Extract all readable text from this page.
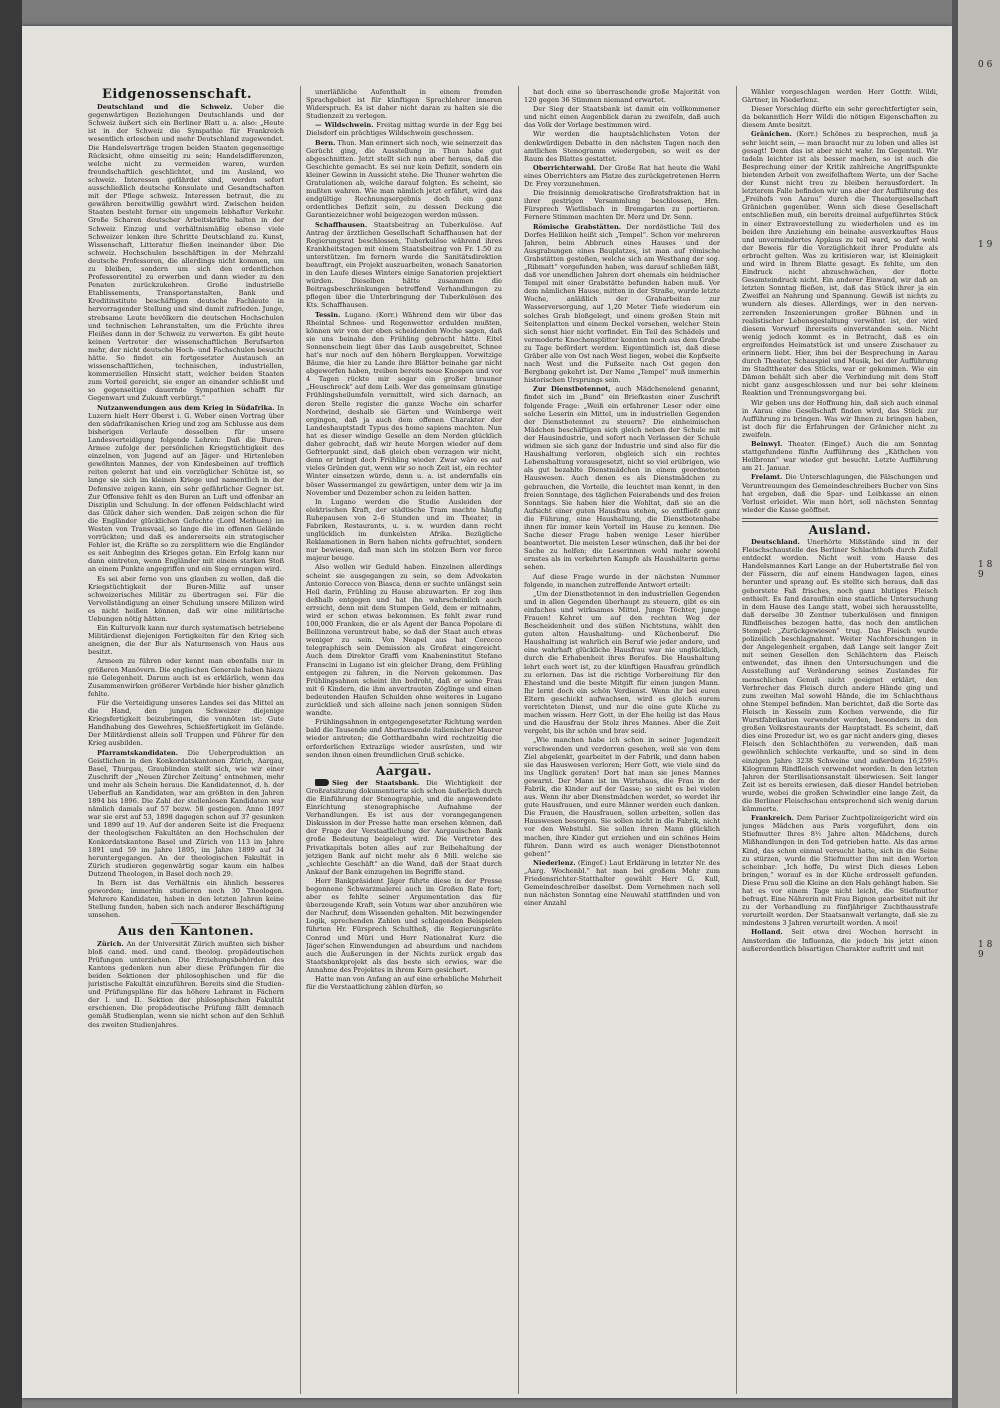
0 6
1 9
1 8 9
1 8 9
Eidgenossenschaft.

Deutschland und die Schweiz. Ueber die gegenwärtigen Beziehungen Deutschlands und der Schweiz äußert sich ein Berliner Blatt u. a. also: „Heute ist in der Schweiz die Sympathie für Frankreich wesentlich erloschen und mehr Deutschland zugewendet. Die Handelsverträge tragen beiden Staaten gegenseitige Rücksicht, ohne einseitig zu sein; Handelsdifferenzen, welche nicht zu vermeiden waren, wurden freundschaftlich geschlichtet, und im Ausland, wo schweiz. Interessen gefährdet sind, werden sofort ausschließlich deutsche Konsulate und Gesandtschaften mit der Pflege schweiz. Interessen betraut, die zu gewähren bereitwillig gewährt wird. Zwischen beiden Staaten besteht ferner ein ungemein lebhafter Verkehr. Große Scharen deutscher Arbeitskräfte halten in der Schweiz Einzug und verhältnismäßig ebenso viele Schweizer lenken ihre Schritte Deutschland zu. Kunst, Wissenschaft, Litteratur fließen ineinander über. Die schweiz. Hochschulen beschäftigen in der Mehrzahl deutsche Professoren, die allerdings nicht kommen, um zu bleiben, sondern um sich den ordentlichen Professorentitel zu erwerben und dann wieder zu den Penaten zurückzukehren. Große industrielle Etablissements, Transportanstalten, Bank und Kreditinstitute beschäftigen deutsche Fachleute in hervorragender Stellung und sind damit zufrieden. Junge, strebsame Leute bevölkern die deutschen Hochschulen und technischen Lehranstalten, um die Früchte ihres Fleißes dann in der Schweiz zu verwerten. Es gibt heute keinen Vertreter der wissenschaftlichen Berufsarten mehr, der nicht deutsche Hoch- und Fachschulen besucht hätte. So findet ein fortgesetzter Austausch an wissenschaftlichen, technischen, industriellen, kommerziellen Hinsicht statt, welcher beiden Staaten zum Vorteil gereicht, sie enger an einander schließt und so gegenseitige dauernde Sympathien schafft für Gegenwart und Zukunft verbürgt.“

Nutzanwendungen aus dem Krieg in Südafrika. In Luzern hielt Herr Oberst i. G. Weber einen Vortrag über den südafrikanischen Krieg und zog am Schlusse aus dem bisherigen Verlaufe desselben für unsere Landesverteidigung folgende Lehren: Daß die Buren-Armee zufolge der persönlichen Kriegstüchtigkeit des einzelnen, von Jugend auf an Jäger- und Hirtenleben gewöhnten Mannes, der von Kindesbeinen auf trefflich reiten gelernt hat und ein vorzüglicher Schütze ist, so lange sie sich im kleinen Kriege und namentlich in der Defensive zeigen kann, ein sehr gefährlicher Gegner ist. Zur Offensive fehlt es den Buren an Luft und offenbar an Disziplin und Schulung. In der offenen Feldschlacht wird das Glück daher sich wenden. Daß zeigen schon die für die Engländer glücklichen Gefechte (Lord Methuen) im Westen von Transvaal, so lange die im offenen Gelände vorrückten; und daß es andererseits ein strategischer Fehler ist, die Kräfte so zu zersplittern wie die Engländer es seit Anbeginn des Krieges getan. Ein Erfolg kann nur dann eintreten, wenn Engländer mit einem starken Stoß an einem Punkte angegriffen und ein Sieg errungen wird.

Es sei aber ferne von uns glauben zu wollen, daß die Kriegstüchtigkeit der Buren-Miliz auf unser schweizerisches Militär zu übertragen sei. Für die Vervollständigung an einer Schulung unsere Milizen wird es nicht heißen können, daß wir eine militärische Uebungen nötig hätten.

Ein Kulturvolk kann nur durch systematisch betriebene Militärdienst diejenigen Fertigkeiten für den Krieg sich aneignen, die der Bur als Naturmensch von Haus aus besitzt.

Armeen zu führen oder kennt man ebenfalls nur in größeren Manövern. Die englischen Generale haben hiezu nie Gelegenheit. Darum auch ist es erklärlich, wenn das Zusammenwirken größerer Verbände hier bisher gänzlich fehlte.

Für die Verteidigung unseres Landes sei das Mittel an die Hand, den jungen Schweizer diejenige Kriegsfertigkeit beizubringen, die vonnöten ist: Gute Handhabung des Gewehres, Schießfertigkeit im Gelände. Der Militärdienst allein soll Truppen und Führer für den Krieg ausbilden.

Pfarramtskandidaten. Die Ueberproduktion an Geistlichen in den Konkordatskantonen Zürich, Aargau, Basel, Thurgau, Graubünden stellt sich, wie wir einer Zuschrift der „Neuen Zürcher Zeitung“ entnehmen, mehr und mehr als Schein heraus. Die Kandidatennot, d. h. der Ueberfluß an Kandidaten, war am größten in den Jahren 1894 bis 1896. Die Zahl der stellenlosen Kandidaten war nämlich damals auf 57 bezw. 58 gestiegen. Anno 1897 war sie erst auf 53, 1898 dagegen schon auf 37 gesunken und 1899 auf 19. Auf der anderen Seite ist die Frequenz der theologischen Fakultäten an den Hochschulen der Konkordatskantone Basel und Zürich von 113 im Jahre 1891 und 59 im Jahre 1895, im Jahre 1899 auf 34 heruntergegangen. An der theologischen Fakultät in Zürich studieren gegenwärtig sogar kaum ein halbes Dutzend Theologen, in Basel doch noch 29.

In Bern ist das Verhältnis ein ähnlich besseres geworden; immerhin studieren noch 30 Theologen. Mehrere Kandidaten, haben in den letzten Jahren keine Stellung fanden, haben sich nach anderer Beschäftigung umsehen.

Aus den Kantonen.

Zürich. An der Universität Zürich mußten sich bisher bloß cand. med. und cand. theolog. propädeutischen Prüfungen unterziehen. Die Erziehungsbehörden des Kantons gedenken nun aber diese Prüfungen für die beiden Sektionen der philosophischen und für die juristische Fakultät einzuführen. Bereits sind die Studien- und Prüfungspläne für das höhere Lehramt in Fächern der I. und II. Sektion der philosophischen Fakultät erschienen. Die propädeutische Prüfung fällt demnach gemäß Studienplan, wenn sie nicht schon auf den Schluß des zweiten Studienjahres.

unerläßliche Aufenthalt in einem fremden Sprachgebiet ist für künftigen Sprachlehrer inneren Widerspruch. Es ist daher nicht daran zu halten sie die Studienzeit zu verlegen.

— Wildschwein. Freitag mittag wurde in der Egg bei Dielsdorf ein prächtiges Wildschwein geschossen.

Bern. Thun. Man erinnert sich noch, wie seinerzeit das Gerücht ging, die Ausstellung in Thun habe gut abgeschnitten. Jetzt stellt sich nun aber heraus, daß die Geschichte gemacht. Es sei nur kein Defizit, sondern ein kleiner Gewinn in Aussicht stehe. Die Thuner wehrten die Gratulationen ab, welche darauf folgten. Es scheint, sie mußten wahren. Wie man nämlich jetzt erfährt, wird das endgültige Rechnungsergebnis doch ein ganz ordentliches Defizit sein, zu dessen Deckung die Garantiezeichner wohl beigezogen werden müssen.

Schaffhausen. Staatsbeitrag an Tuberkulöse. Auf Antrag der ärztlichen Gesellschaft Schaffhausen hat der Regierungsrat beschlossen, Tuberkulöse während ihres Krankheitstagen mit einem Staatsbeitrag von Fr. 1.50 zu unterstützen. Im fernern wurde die Sanitätsdirektion beauftragt, ein Projekt auszuarbeiten, wonach Sanatorien in den Laufe dieses Winters einige Sanatorien projektiert würden. Dieselben hätte zusammen die Beitragsbeschränkungen betreffend Verhandlungen zu pflegen über die Unterbringung der Tuberkulösen des Kts. Schaffhausen.

Tessin. Lugano. (Korr.) Während dem wir über das Rheintal Schnee- und Regenwetter erdulden mußten, können wir von der eben scheidenden Woche sagen, daß sie uns beinahe den Frühling gebracht hätte. Eitel Sonnenschein liegt über das Laub ausgebreitet, Schnee hat's nur noch auf den höhern Bergkuppen. Vorwitzige Bäume, die hier zu Lande ihre Blätter beinahe gar nicht abgeworfen haben, treiben bereits neue Knospen und vor 4 Tagen rückte mir sogar ein großer brauner „Heuschreck“ auf dem Leib. Wer das gemeinsam günstige Frühlingsheilumfeln vermittelt, wird sich darnach, an deren Stelle register die ganze Woche ein scharfer Nordwind, deshalb sie Gärten und Weinberge weit ergingen, daß ja auch dem offenen Charakter der Landeshauptstadt Typus des homo sapiens machten. Nun hat es dieser windige Geselle an dem Norden glücklich daher gebracht, daß wir heute Morgen wieder auf dem Gefrierpunkt sind, daß gleich oben verzagen wir nicht, denn er bringt doch Frühling wieder. Zwar wäre es auf vieles Gründen gut, wenn wir so noch Zeit ist, ein rechter Winter einsetzen würde, denn u. a. ist andernfalls ein böser Wassermangel zu gewärtigen, unter dem wir ja im November und Dezember schon zu leiden hatten.

In Lugano werden die Studie Ausleiden der elektrischen Kraft, der städtische Tram machte häufig Ruhepausen von 2–6 Stunden und im Theater, in Fabriken, Restaurants, u. s. w. wurden dann recht unglücklich im dunkelsten Afrika. Bezügliche Reklamationen in Bern haben nichts gefruchtet, sondern nur bewiesen, daß man sich im stolzen Bern vor force majeur beuge.

Also wollen wir Geduld haben. Einzelnen allerdings scheint sie ausgegangen zu sein, so dem Advokaten Antonio Corecco von Biasca, denn er suchte unlängst sein Heil darin, Frühling zu Hause abzuwarten. Er zog ihm deßhalb entgegen und hat ihn wahrscheinlich auch erreicht, denn mit dem Stumpen Geld, dem er mitnahm, wird er schon etwas bekommen. Es fehlt zwar rund 100,000 Franken, die er als Agent der Banca Popolare di Bellinzona veruntreut habe, so daß der Staat auch etwas weniger zu sein. Von Neapel aus hat Corecco telegraphisch sein Demission als Großrat eingereicht. Auch dem Direktor Graffi vom Knabeninstitut Stefano Franscini in Lugano ist ein gleicher Drang, dem Frühling entgegen zu fahren, in die Nerven gekommen. Das Frühlingsahnen scheint ihn bedroht, daß er seine Frau mit 6 Kindern, die ihm anvertrauten Zöglinge und einen bedeutenden Haufen Schulden ohne weiteres in Lugano zurückließ und sich alleine nach jenen sonnigen Süden wandte.

Frühlingsahnen in entgegengesetzter Richtung werden bald die Tausende und Abertausende italienischer Maurer wieder antreten; die Gotthardbahn wird rechtzeitig die erforderlichen Extrazüge wieder ausrüsten, und wir senden ihnen einen freundlichen Gruß schicke.

Aargau.

Sieg der Staatsbank. Die Wichtigkeit der Großratsitzung dokumentierte sich schon äußerlich durch die Einführung der Stenographie, und die angewendete Einrichtung stenographische Aufnahme der Verhandlungen. Es ist aus der vorangegangenen Diskussion in der Presse hatte man ersehen können, daß der Frage der Verstaatlichung der Aargauischen Bank große Bedeutung beigelegt wird. Die Vertreter des Privatkapitals boten alles auf zur Beibehaltung der jetzigen Bank auf nicht mehr als 6 Mill. welche sie „schlechte Geschäft“ an die Wand, daß der Staat durch Ankauf der Bank einzugehen im Begriffe stand.

Herr Bankpräsident Jäger führte diese in der Presse begonnene Schwarzmalerei auch im Großen Rate fort; aber es fehlte seiner Argumentation das für überzeugende Kraft, sein Votum war aber anzuhören wie der Nachruf, dem Wissenden gehalten. Mit bezwingender Logik, sprechenden Zahlen und schlagenden Beispielen führten Hr. Fürsprech Schultheß, die Regierungsräte Conrad und Müri und Herr Nationalrat Kurz die Jäger'schen Einwendungen ad absurdum und nachdem auch die Äußerungen in der Nichts zurück ergab das Staatsbankprojekt als das beste sich erwies, war die Annahme des Projektes in ihrem Kern gesichert.

Hatte man von Anfang an auf eine erhebliche Mehrheit für die Verstaatlichung zählen dürfen, so

hat doch eine so überraschende große Majorität von 120 gegen 36 Stimmen niemand erwartet.

Der Sieg der Staatsbank ist damit ein vollkommener und nicht einen Augenblick daran zu zweifeln, daß auch das Volk der Vorlage bestimmen wird.

Wir werden die hauptsächlichsten Voten der denkwürdigen Debatte in den nächsten Tagen nach den amtlichen Stenogramm wiedergeben, so weit es der Raum des Blattes gestattet.

Oberrichterwahl. Der Große Rat hat heute die Wahl eines Oberrichters am Platze des zurückgetretenen Herrn Dr. Frey vorzunehmen.

Die freisinnig demokratische Großratsfraktion hat in ihrer gestrigen Versammlung beschlossen, Hrn. Fürsprech Wietlisbach in Bremgarten zu portieren. Fernere Stimmen machten Dr. Merz und Dr. Senn.

Römische Grabstätten. Der nordöstliche Teil des Dorfes Hellikon heißt sich „Tempel“. Schon vor mehreren Jahren, beim Abbruch eines Hauses und der Ausgrabungen eines Bauplatzes, ist man auf römische Grabstätten gestoßen, welche sich am Westhang der sog. „Ribmatt“ vorgefunden haben, was darauf schließen läßt, daß vor unendlichen Jahren dort ehemals ein heidnischer Tempel mit einer Grabstätte befunden haben muß. Vor dem nämlichen Hause, mitten in der Straße, wurde letzte Woche, anläßlich der Grabarbeiten zur Wasserversorgung, auf 1,20 Meter Tiefe wiederum ein solches Grab bloßgelegt, und einem großen Stein mit Seitenplatten und einem Deckel versehen, welcher Stein sich sonst hier nicht vorfindet. Ein Teil des Schädels und vermoderte Knochensplitter konnten noch aus dem Grabe zu Tage befördert werden. Eigentümlich ist, daß diese Gräber alle von Ost nach West liegen, wobei die Kopfseite nach West und die Fußseite nach Ost gegen den Bergbang gekehrt ist. Der Name „Tempel“ muß immerhin historischen Ursprungs sein.

Zur Dienstbotennot, auch Mädchenelend genannt, findet sich im „Bund“ ein Briefkasten einer Zuschrift folgende Frage: „Weiß ein erfahrener Leser oder eine solche Leserin ein Mittel, um in industriellen Gegenden der Dienstbotennot zu steuern? Die einheimischen Mädchen beschäftigen sich gleich neben der Schule mit der Hausindustrie, und sofort nach Verlassen der Schule widmen sie sich ganz der Industrie und sind also für die Haushaltung verloren, obgleich sich ein rechtes Lebenshaltung vorausgesetzt, nicht so viel erübrigen, wie als gut bezahlte Dienstmädchen in einem geordneten Hauswesen. Auch denen es als Dienstmädchen zu gebrauchen, die Vorteile, die leuchtet man kennt, in den freien Sonntage, des täglichen Feierabends und des freien Sonntags. Sie haben hier die Wohltat, daß sie an die Aufsicht einer guten Hausfrau stehen, so entfließt ganz die Führung, eine Haushaltung, die Dienstbotenhabe ihnen für immer kein Vorteil im Hause zu kennen. Die Sache dieser Frage haben wenige Leser hierüber beantwortet. Die meisten Leser wünschen, daß ihr bei der Sache zu helfen; die Leserinnen wohl mehr sowohl ernstes als im verkehrten Kampfe als Haushälterin gerne sehen.

Auf diese Frage wurde in der nächsten Nummer folgende, in manchen zutreffende Antwort erteilt:

„Um der Dienstbotennot in den industriellen Gegenden und in allen Gegenden überhaupt zu steuern, gibt es ein einfaches und wirksames Mittel. Junge Töchter, junge Frauen! Kehret um auf den rechten Weg der Bescheidenheit und des süßen Nichtstuns, wählt den guten alten Haushaltung- und Küchenberuf. Die Haushaltung ist wahrlich ein Beruf wie jeder andere, und eine wahrhaft glückliche Hausfrau war nie unglücklich, durch die Erhabenheit ihres Berufes. Die Haushaltung lehrt euch wert ist, zu der künftigen Hausfrau gründlich zu erlernen. Das ist die richtige Vorbereitung für den Ehestand und die beste Mitgift für einen jungen Mann. Ihr lernt doch ein schön Verdienst. Wenn ihr bei euren Eltern geschickt aufwachsen, wird es gleich eurem verrichteten Dienst, und nur die eine gute Küche zu machen wissen. Herr Gott, in der Ehe heilig ist das Haus und die Hausfrau der Stolz ihres Mannes. Aber die Zeit vergeht, bis ihr schön und brav seid.

„Wie manchen habe ich schon in seiner Jugendzeit verschwenden und verdorren gesehen, weil sie von dem Ziel abgelenkt, gearbeitet in der Fabrik, und dann haben sie das Hauswesen verloren; Herr Gott, wie viele sind da ins Unglück geraten! Dort hat man sie jenes Mannes gewarnt. Der Mann ist im Wirtshaus, die Frau in der Fabrik, die Kinder auf der Gasse; so sieht es bei vielen aus. Wenn ihr aber Dienstmädchen werdet, so werdet ihr gute Hausfrauen, und eure Männer werden euch danken. Die Frauen, die Hausfrauen, sollen arbeiten, sollen das Hauswesen besorgen. Sie sollen nicht in die Fabrik, nicht vor den Webstuhl. Sie sollen ihren Mann glücklich machen, ihre Kinder gut erziehen und ein schönes Heim führen. Dann wird es auch weniger Dienstbotennot geben!“

Niederlenz. (Eingef.) Laut Erklärung in letzter Nr. des „Aarg. Wochenbl.“ hat man bei großem Mehr zum Friedensrichter-Statthalter gewählt Herr G. Kull, Gemeindeschreiber daselbst. Dem Vernehmen nach soll nun nächsten Sonntag eine Neuwahl stattfinden und von einer Anzahl

Wähler vorgeschlagen werden Herr Gottfr. Wildi, Gärtner, in Niederlenz.

Dieser Vorschlag dürfte ein sehr gerechtfertigter sein, da bekanntlich Herr Wildi die nötigen Eigenschaften zu diesem Amte besitzt.

Gränichen. (Korr.) Schönes zu besprechen, muß ja sehr leicht sein, — man braucht nur zu loben und alles ist gesagt! Denn das ist aber nicht wahr. Im Gegenteil. Wir tadeln leichter ist als besser machen, so ist auch die Besprechung einer der Kritik zahlreiche Angriffspunkte bietenden Arbeit von zweifelhaftem Werte, um der Sache der Kunst nicht treu zu bleiben herausfordert. In letzterem Falle befinden wir uns aber der Aufführung des „Freihofs von Aarau“ durch die Theatergesellschaft Gränichen gegenüber. Wenn sich diese Gesellschaft entschließen muß, ein bereits dreimal aufgeführtes Stück in einer Extravorstellung zu wiederholen und es im beiden ihre Anziehung ein beinahe ausverkauftes Haus und unvermindertes Applaus zu teil ward, so darf wohl der Beweis für die Vorzüglichkeit ihrer Produkte als erbracht gelten. Was zu kritisieren war, ist Kleinigkeit und wird in Ihrem Blatte gesagt. Es fehlte, um den Eindruck nicht abzuschwächen, der flotte Gesamteindruck nicht. Ein anderer Einwand, wir daß an letzten Sonntag fließen, ist, daß das Stück ihrer ja ein Zweiffel an Nahrung und Spannung. Gewiß ist nichts zu wundern als dieses. Allerdings, wer in den nerven-zerrenden Inszenierungen großer Bühnen und in realistischer Lebensgestaltung verwöhnt ist, der wird diesem Vorwurf ihrerseits einverstanden sein. Nicht wenig jedoch kommt es in Betracht, daß es ein ergreifendes Heimatstück ist und unsere Zuschauer zu erinnern liebt. Hier, ihm bei der Besprechung in Aarau durch Theater, Schauspiel und Musik, bei der Aufführung im Stadttheater des Stücks, war er gekommen. Wie ein Dämon behält sich aber die Verbindung mit dem Stoff nicht ganz ausgeschlossen und nur bei sehr kleinem Reaktion und Trennungsvorgang bei.

Wir geben uns der Hoffnung hin, daß sich auch einmal in Aarau eine Gesellschaft finden wird, das Stück zur Aufführung zu bringen. Was wir Ihnen zu bringen haben, ist doch für die Erfahrungen der Gränicher nicht zu zweifeln.

Beinwyl. Theater. (Eingef.) Auch die am Sonntag stattgefundene fünfte Aufführung des „Käthchen von Heilbronn“ war wieder gut besucht. Letzte Aufführung am 21. Januar.

Frelamt. Die Unterschlagungen, die Fälschungen und Veruntreuungen des Gemeindeschreibers Bucher von Sins hat ergeben, daß die Spar- und Leihkasse an einen Verlust erleidet. Wie man hört, soll nächsten Sonntag wieder die Kasse geöffnet.

Ausland.

Deutschland. Unerhörte Mißstände sind in der Fleischschaustelle des Berliner Schlachthofs durch Zufall entdeckt worden. Nicht weit vom Hause des Handelsmannes Karl Lange an der Hubertstraße fiel von der Fässern, die auf einem Handwagen lagen, eines herunter und sprang auf. Es stellte sich heraus, daß das geborstete Faß frisches, noch ganz blutiges Fleisch enthielt. Es fand daraufhin eine staatliche Untersuchung in dem Hause des Lange statt, wobei sich herausstellte, daß derselbe 30 Zentner tuberkulösen und finnigen Rindfleisches bezogen hatte, das noch den amtlichen Stempel: „Zurückgewiesen“ trug. Das Fleisch wurde polizeilich beschlagnahmt. Weiter Nachforschungen in der Angelegenheit ergaben, daß Lange seit langer Zeit mit seinen Gesellen den Schlächtern das Fleisch entwendet, das ihnen den Untersuchungen und die Ausstellung auf Veränderung seines Zustandes für menschlichen Genuß nicht geeignet erklärt, den Verbrecher das Fleisch durch andere Hände ging und zum zweiten Mal sowohl Hände, die im Schlachthaus ohne Stempel befinden. Man berichtet, daß die Sorte das Fleisch in Kesseln zum Kochen verwende, die für Wurstfabrikation verwendet werden, besonders in den großen Volksrestaurants der Hauptstadt. Es scheint, daß dies eine Prozedur ist, wo es gar nicht anders ging, dieses Fleisch den Schlachthöfen zu verwenden, daß man gewöhnlich schlechte verkaufte, und so sind in dem einzigen Jahre 3238 Schweine und außerdem 16,259¼ Kilogramm Rindfleisch verwendet worden. In den letzten Jahren der Sterilisationsanstalt überwiesen. Seit langer Zeit ist es bereits erwiesen, daß dieser Handel betrieben wurde, wobei die großen Schwindler eine lange Zeit, da die Berliner Fleischschau entsprechend sich wenig darum kümmerte.

Frankreich. Dem Pariser Zuchtpolizeigericht wird ein junges Mädchen aus Paris vorgeführt, dem ein Stiefmutter Ihres 8½ Jahre alten Mädchens, durch Mißhandlungen in den Tod getrieben hatte. Als das arme Kind, das schon einmal versucht hatte, sich in die Seine zu stürzen, wurde die Stiefmutter ihm mit den Worten scheinbar: „Ich hoffe, Du wirst Dich dieses Leben bringen,“ worauf es in der Küche erdrosselt gefunden. Diese Frau soll die Kleine an den Hals gehängt haben. Sie hat es vor einem Tage nicht leicht, die Stiefmutter befragt. Eine Nährerin mit Frau Bignon gearbeitet mit ihr zu der Verhandlung zu fünfjähriger Zuchthausstrafe verurteilt werden. Der Staatsanwalt verlangte, daß sie zu mindestens 3 Jahren verurteilt worden. A moi!

Holland. Seit etwa drei Wochen herrscht in Amsterdam die Influenza, die jedoch bis jetzt einen außerordentlich bösartigen Charakter auftritt und mit
